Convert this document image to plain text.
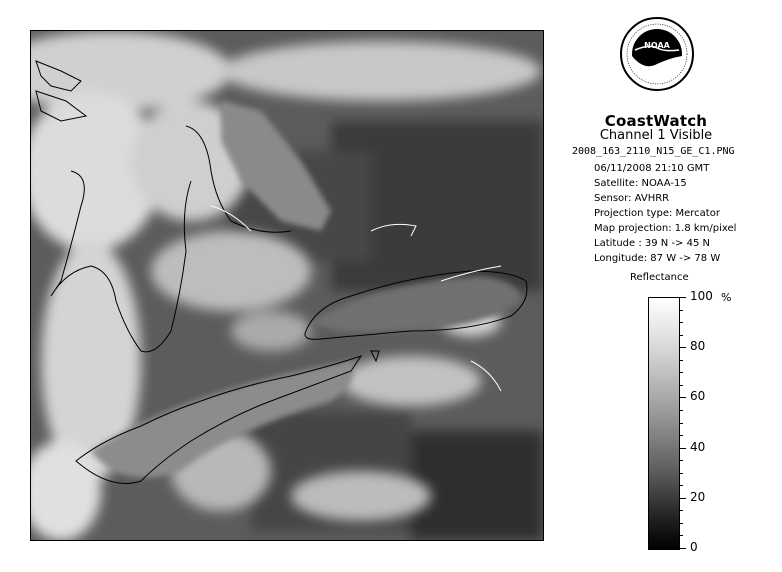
NOAA
CoastWatch
Channel 1 Visible
2008_163_2110_N15_GE_C1.PNG
06/11/2008 21:10 GMT
Satellite: NOAA-15
Sensor: AVHRR
Projection type: Mercator
Map projection: 1.8 km/pixel
Latitude : 39 N -> 45 N
Longitude: 87 W -> 78 W
Reflectance
%
100
80
60
40
20
0
